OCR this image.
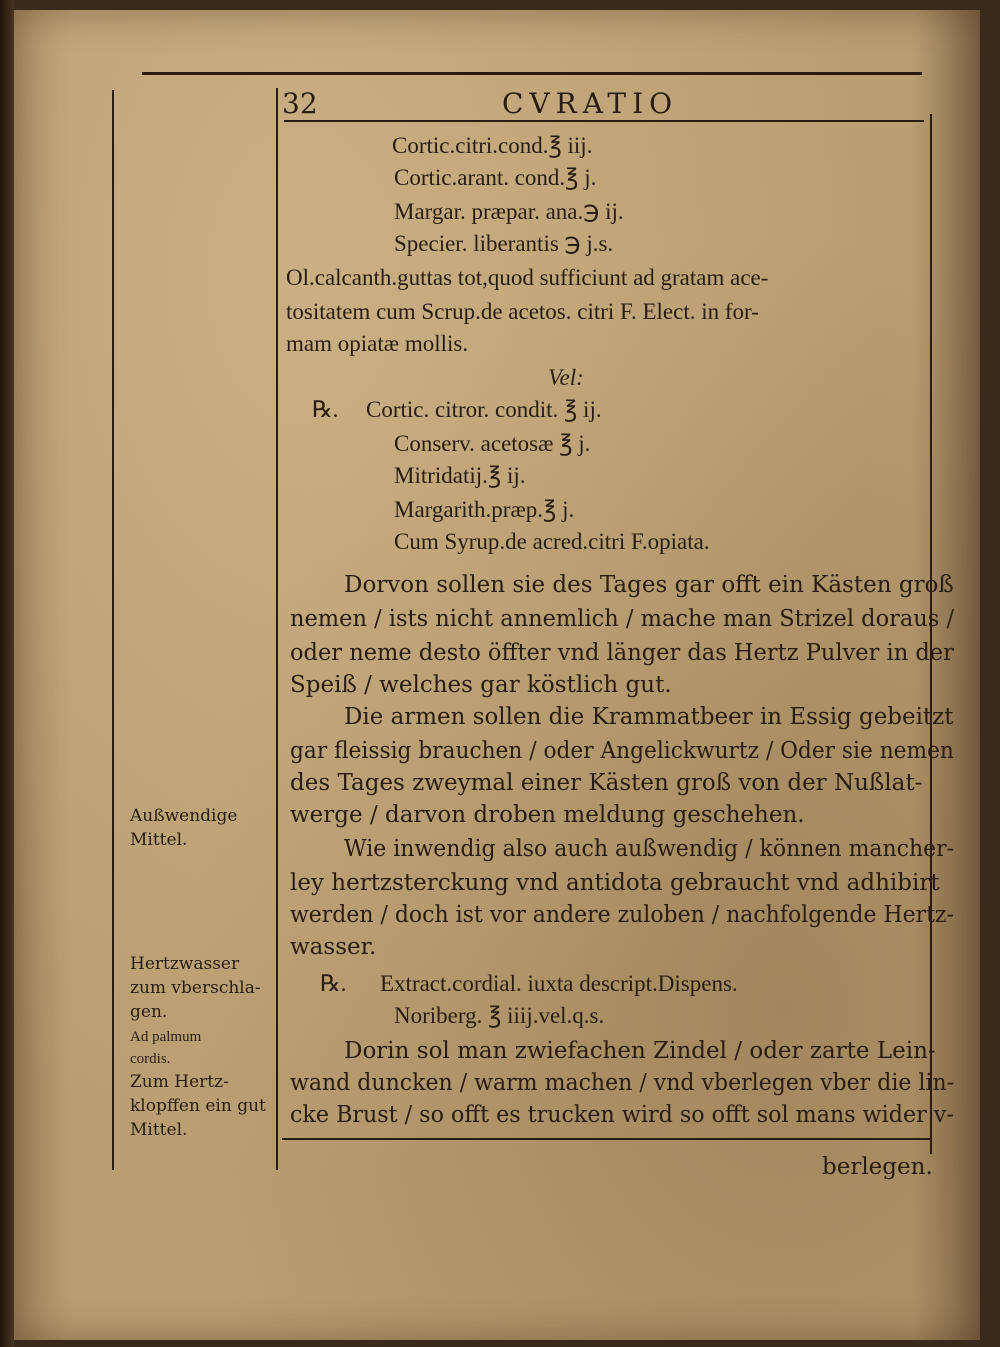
32	CVRATIO
Cortic.citri.cond.℥ iij.
Cortic.arant. cond.℥ j.
Margar. præpar. ana.℈ ij.
Specier. liberantis ℈ j.s.
Ol.calcanth.guttas tot,quod sufficiunt ad gratam ace-
tositatem cum Scrup.de acetos. citri F. Elect. in for-
mam opiatæ mollis.
Vel:
℞. Cortic. citror. condit. ℥ ij.
Conserv. acetosæ ℥ j.
Mitridatij.℥ ij.
Margarith.præp.℥ j.
Cum Syrup.de acred.citri F.opiata.
Dorvon sollen sie des Tages gar offt ein Kästen groß
nemen / ists nicht annemlich / mache man Strizel doraus /
oder neme desto öffter vnd länger das Hertz Pulver in der
Speiß / welches gar köstlich gut.
Die armen sollen die Krammatbeer in Essig gebeitzt
gar fleissig brauchen / oder Angelickwurtz / Oder sie nemen
des Tages zweymal einer Kästen groß von der Nußlat-
werge / darvon droben meldung geschehen.
Wie inwendig also auch außwendig / können mancher-
ley hertzsterckung vnd antidota gebraucht vnd adhibirt
werden / doch ist vor andere zuloben / nachfolgende Hertz-
wasser.
℞. Extract.cordial. iuxta descript.Dispens.
Noriberg. ℥ iiij.vel.q.s.
Dorin sol man zwiefachen Zindel / oder zarte Lein-
wand duncken / warm machen / vnd vberlegen vber die lin-
cke Brust / so offt es trucken wird so offt sol mans wider v-
berlegen.
Außwendige
Mittel.
Hertzwasser
zum vberschla-
gen.
Ad palmum
cordis.
Zum Hertz-
klopffen ein gut
Mittel.
